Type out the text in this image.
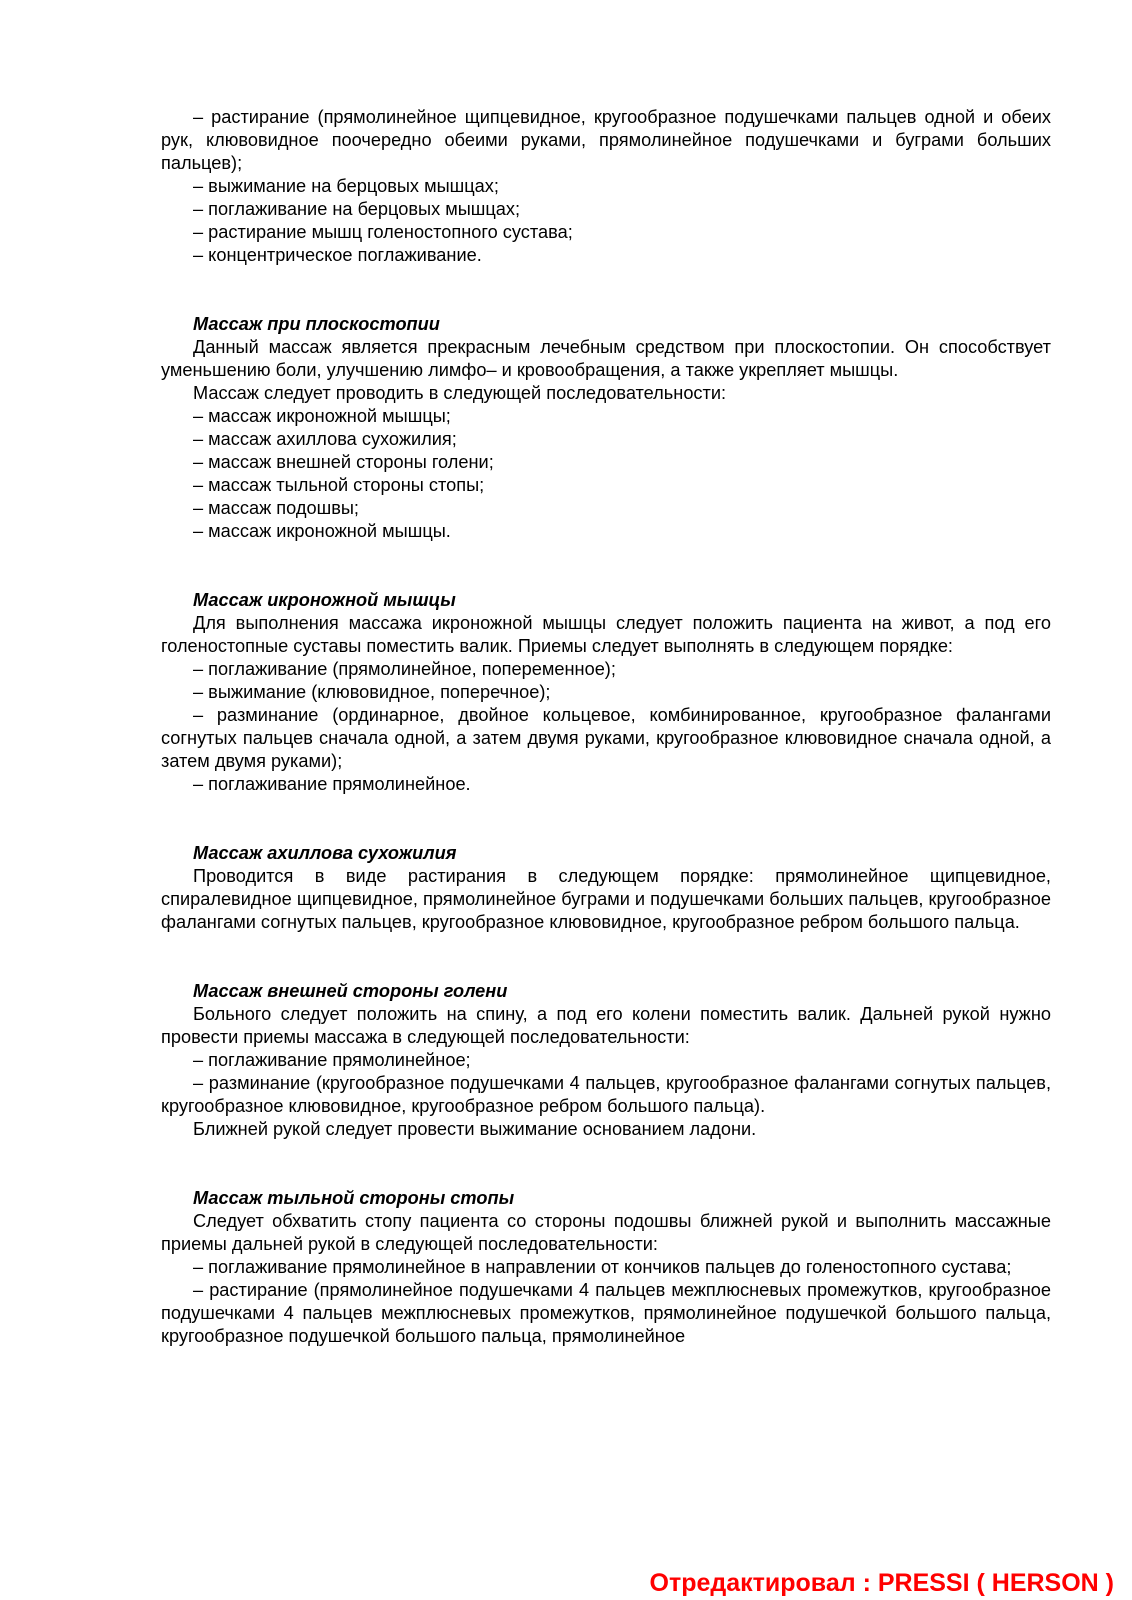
– растирание (прямолинейное щипцевидное, кругообразное подушечками пальцев одной и обеих рук, клювовидное поочередно обеими руками, прямолинейное подушечками и буграми больших пальцев);

– выжимание на берцовых мышцах;

– поглаживание на берцовых мышцах;

– растирание мышц голеностопного сустава;

– концентрическое поглаживание.

Массаж при плоскостопии

Данный массаж является прекрасным лечебным средством при плоскостопии. Он способствует уменьшению боли, улучшению лимфо– и кровообращения, а также укрепляет мышцы.

Массаж следует проводить в следующей последовательности:

– массаж икроножной мышцы;

– массаж ахиллова сухожилия;

– массаж внешней стороны голени;

– массаж тыльной стороны стопы;

– массаж подошвы;

– массаж икроножной мышцы.

Массаж икроножной мышцы

Для выполнения массажа икроножной мышцы следует положить пациента на живот, а под его голеностопные суставы поместить валик. Приемы следует выполнять в следующем порядке:

– поглаживание (прямолинейное, попеременное);

– выжимание (клювовидное, поперечное);

– разминание (ординарное, двойное кольцевое, комбинированное, кругообразное фалангами согнутых пальцев сначала одной, а затем двумя руками, кругообразное клювовидное сначала одной, а затем двумя руками);

– поглаживание прямолинейное.

Массаж ахиллова сухожилия

Проводится в виде растирания в следующем порядке: прямолинейное щипцевидное, спиралевидное щипцевидное, прямолинейное буграми и подушечками больших пальцев, кругообразное фалангами согнутых пальцев, кругообразное клювовидное, кругообразное ребром большого пальца.

Массаж внешней стороны голени

Больного следует положить на спину, а под его колени поместить валик. Дальней рукой нужно провести приемы массажа в следующей последовательности:

– поглаживание прямолинейное;

– разминание (кругообразное подушечками 4 пальцев, кругообразное фалангами согнутых пальцев, кругообразное клювовидное, кругообразное ребром большого пальца).

Ближней рукой следует провести выжимание основанием ладони.

Массаж тыльной стороны стопы

Следует обхватить стопу пациента со стороны подошвы ближней рукой и выполнить массажные приемы дальней рукой в следующей последовательности:

– поглаживание прямолинейное в направлении от кончиков пальцев до голеностопного сустава;

– растирание (прямолинейное подушечками 4 пальцев межплюсневых промежутков, кругообразное подушечками 4 пальцев межплюсневых промежутков, прямолинейное подушечкой большого пальца, кругообразное подушечкой большого пальца, прямолинейное

Отредактировал : PRESSI ( HERSON )
